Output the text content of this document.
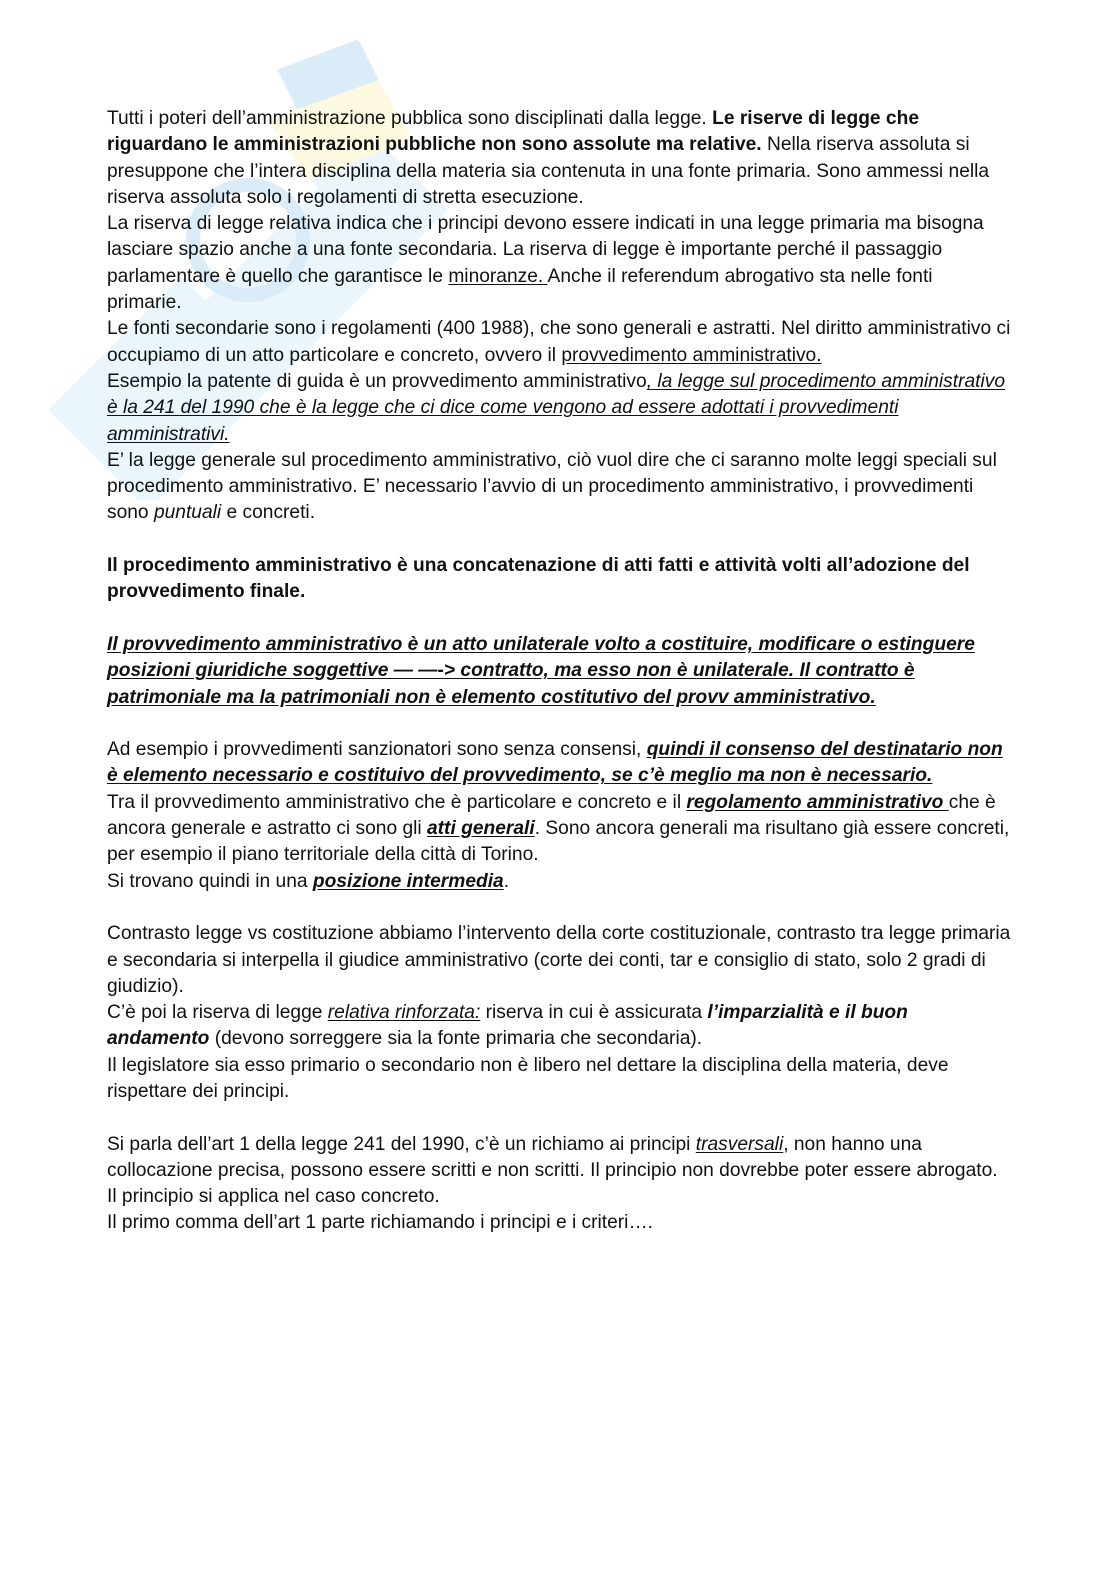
Tutti i poteri dell’amministrazione pubblica sono disciplinati dalla legge. Le riserve di legge che riguardano le amministrazioni pubbliche non sono assolute ma relative. Nella riserva assoluta si presuppone che l’intera disciplina della materia sia contenuta in una fonte primaria. Sono ammessi nella riserva assoluta solo i regolamenti di stretta esecuzione.

La riserva di legge relativa indica che i principi devono essere indicati in una legge primaria ma bisogna lasciare spazio anche a una fonte secondaria. La riserva di legge è importante perché il passaggio parlamentare è quello che garantisce le minoranze. Anche il referendum abrogativo sta nelle fonti primarie.

Le fonti secondarie sono i regolamenti (400 1988), che sono generali e astratti. Nel diritto amministrativo ci occupiamo di un atto particolare e concreto, ovvero il provvedimento amministrativo.

Esempio la patente di guida è un provvedimento amministrativo, la legge sul procedimento amministrativo è la 241 del 1990 che è la legge che ci dice come vengono ad essere adottati i provvedimenti amministrativi.

E’ la legge generale sul procedimento amministrativo, ciò vuol dire che ci saranno molte leggi speciali sul procedimento amministrativo. E’ necessario l’avvio di un procedimento amministrativo, i provvedimenti sono puntuali e concreti.

Il procedimento amministrativo è una concatenazione di atti fatti e attività volti all’adozione del provvedimento finale.

Il provvedimento amministrativo è un atto unilaterale volto a costituire, modificare o estinguere posizioni giuridiche soggettive — —-> contratto, ma esso non è unilaterale. Il contratto è patrimoniale ma la patrimoniali non è elemento costitutivo del provv amministrativo.

Ad esempio i provvedimenti sanzionatori sono senza consensi, quindi il consenso del destinatario non è elemento necessario e costituivo del provvedimento, se c’è meglio ma non è necessario.

Tra il provvedimento amministrativo che è particolare e concreto e il regolamento amministrativo che è ancora generale e astratto ci sono gli atti generali. Sono ancora generali ma risultano già essere concreti, per esempio il piano territoriale della città di Torino.

Si trovano quindi in una posizione intermedia.

Contrasto legge vs costituzione abbiamo l’intervento della corte costituzionale, contrasto tra legge primaria e secondaria si interpella il giudice amministrativo (corte dei conti, tar e consiglio di stato, solo 2 gradi di giudizio).

C’è poi la riserva di legge relativa rinforzata: riserva in cui è assicurata l’imparzialità e il buon andamento (devono sorreggere sia la fonte primaria che secondaria).

Il legislatore sia esso primario o secondario non è libero nel dettare la disciplina della materia, deve rispettare dei principi.

Si parla dell’art 1 della legge 241 del 1990, c’è un richiamo ai principi trasversali, non hanno una collocazione precisa, possono essere scritti e non scritti. Il principio non dovrebbe poter essere abrogato. Il principio si applica nel caso concreto.

Il primo comma dell’art 1 parte richiamando i principi e i criteri….
